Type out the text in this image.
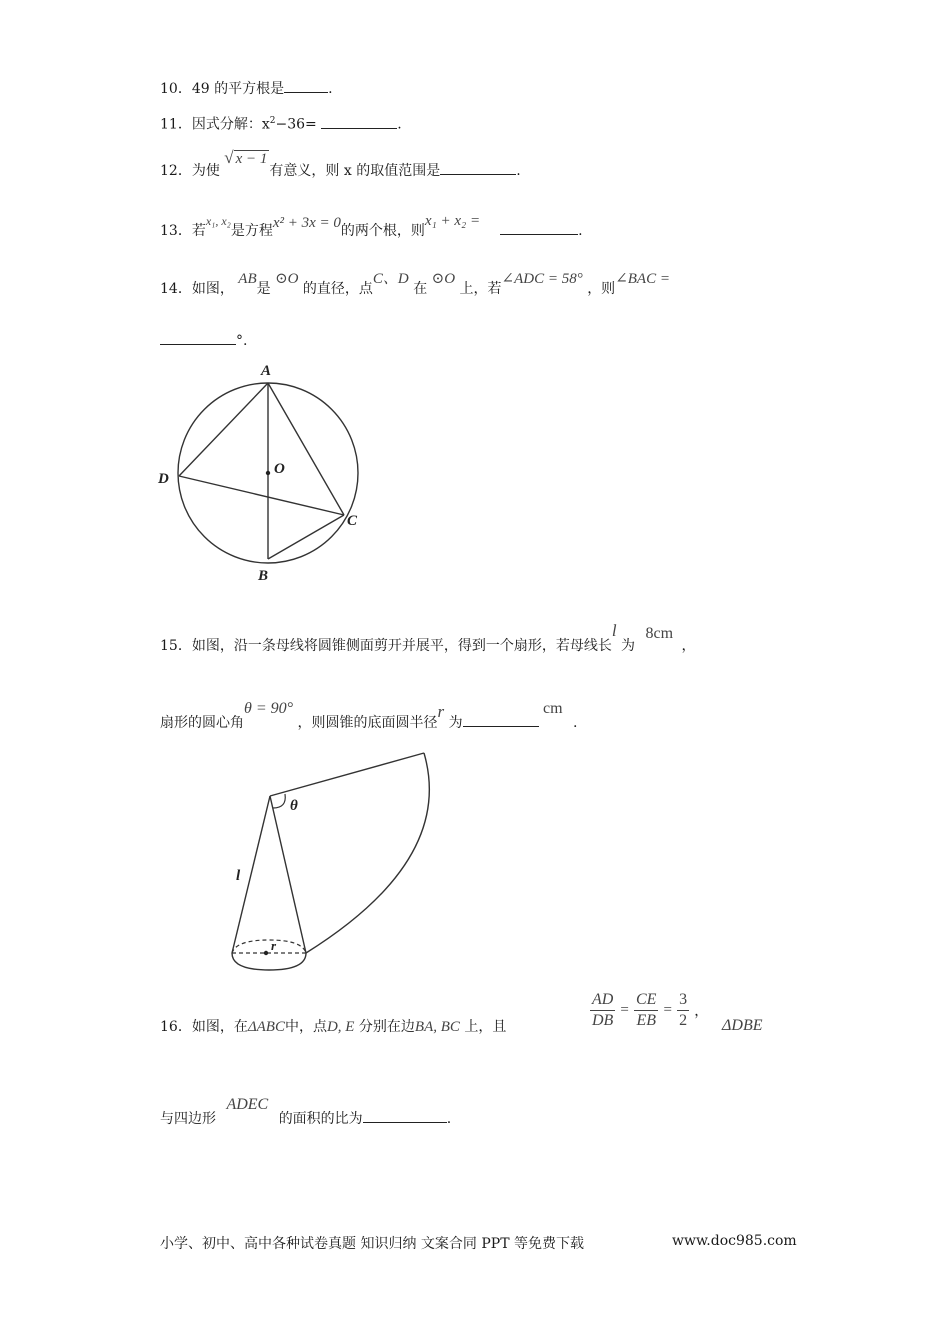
10．49 的平方根是	.
11．因式分解：$x^2-36=$	.
12．为使 √ x − 1有意义，则 x 的取值范围是	.
13．若x₁, x₂是方程x² + 3x = 0的两个根，则x₁ + x₂ =.
14．如图， AB是 ⊙O 的直径，点C、D 在 ⊙O 上，若∠ADC = 58° ，则∠BAC =
°.
A
B
C
D
O
15．如图，沿一条母线将圆锥侧面剪开并展平，得到一个扇形，若母线长l 为 8cm ，
扇形的圆心角θ = 90° ，则圆锥的底面圆半径r 为 cm .
θ
l
r
16．如图，在ΔABC中，点D, E 分别在边BA, BC 上，且	$\frac{AD}{DB} = \frac{CE}{EB} = \frac{3}{2}$ ，
ΔDBE
与四边形 ADEC 的面积的比为	.
小学、初中、高中各种试卷真题 知识归纳 文案合同 PPT 等免费下载	www.doc985.com
